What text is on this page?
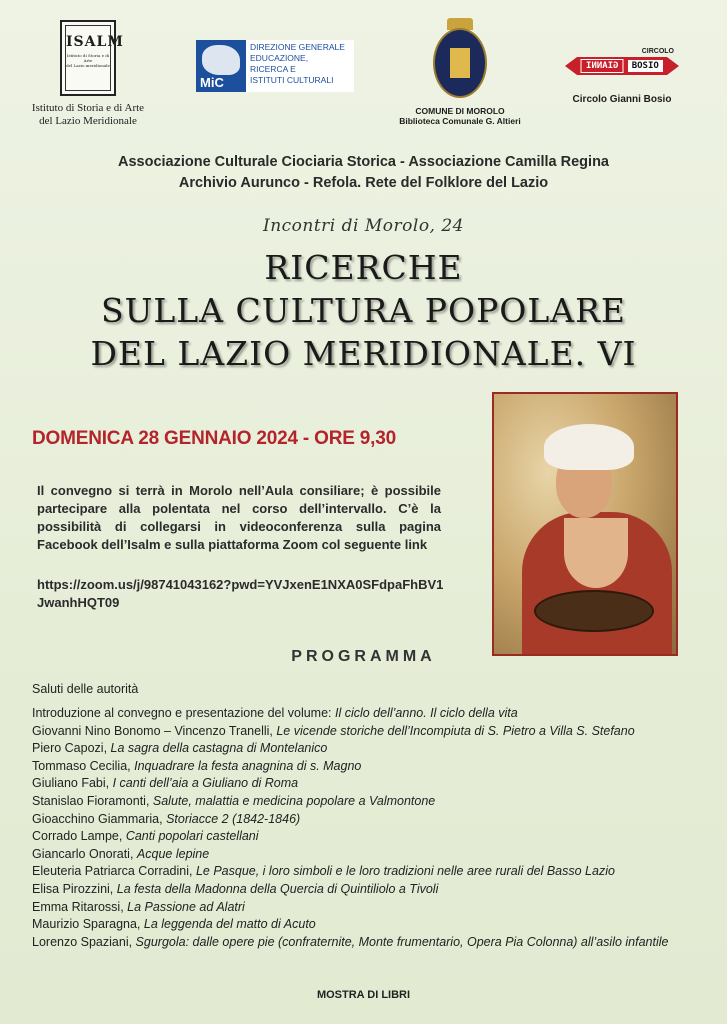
ISALM
Istituto di Storia e di Arte
del Lazio meridionale
Istituto di Storia e di Arte
del Lazio Meridionale
MiC
DIREZIONE GENERALE
EDUCAZIONE,
RICERCA E
ISTITUTI CULTURALI
COMUNE DI MOROLO
Biblioteca Comunale G. Altieri
CIRCOLO
GIANNI	BOSIO
Circolo Gianni Bosio
Associazione Culturale Ciociaria Storica - Associazione Camilla Regina
Archivio Aurunco - Refola. Rete del Folklore del Lazio
Incontri di Morolo, 24
RICERCHE
SULLA CULTURA POPOLARE
DEL LAZIO MERIDIONALE. VI
DOMENICA 28 GENNAIO 2024 - ORE 9,30
Il convegno si terrà in Morolo nell’Aula consiliare; è possibile partecipare alla polentata nel corso dell’intervallo. C’è la possibilità di collegarsi in videoconferenza sulla pagina Facebook dell’Isalm e sulla piattaforma Zoom col seguente link
https://zoom.us/j/98741043162?pwd=YVJxenE1NXA0SFdpaFhBV1JwanhHQT09
PROGRAMMA
Saluti delle autorità
Introduzione al convegno e presentazione del volume: Il ciclo dell’anno. Il ciclo della vita
Giovanni Nino Bonomo – Vincenzo Tranelli, Le vicende storiche dell’Incompiuta di S. Pietro a Villa S. Stefano
Piero Capozi, La sagra della castagna di Montelanico
Tommaso Cecilia, Inquadrare la festa anagnina di s. Magno
Giuliano Fabi, I canti dell’aia a Giuliano di Roma
Stanislao Fioramonti, Salute, malattia e medicina popolare a Valmontone
Gioacchino Giammaria, Storiacce 2 (1842-1846)
Corrado Lampe, Canti popolari castellani
Giancarlo Onorati, Acque lepine
Eleuteria Patriarca Corradini, Le Pasque, i loro simboli e le loro tradizioni nelle aree rurali del Basso Lazio
Elisa Pirozzini, La festa della Madonna della Quercia di Quintiliolo a Tivoli
Emma Ritarossi, La Passione ad Alatri
Maurizio Sparagna, La leggenda del matto di Acuto
Lorenzo Spaziani, Sgurgola: dalle opere pie (confraternite, Monte frumentario, Opera Pia Colonna) all’asilo infantile
MOSTRA DI LIBRI
